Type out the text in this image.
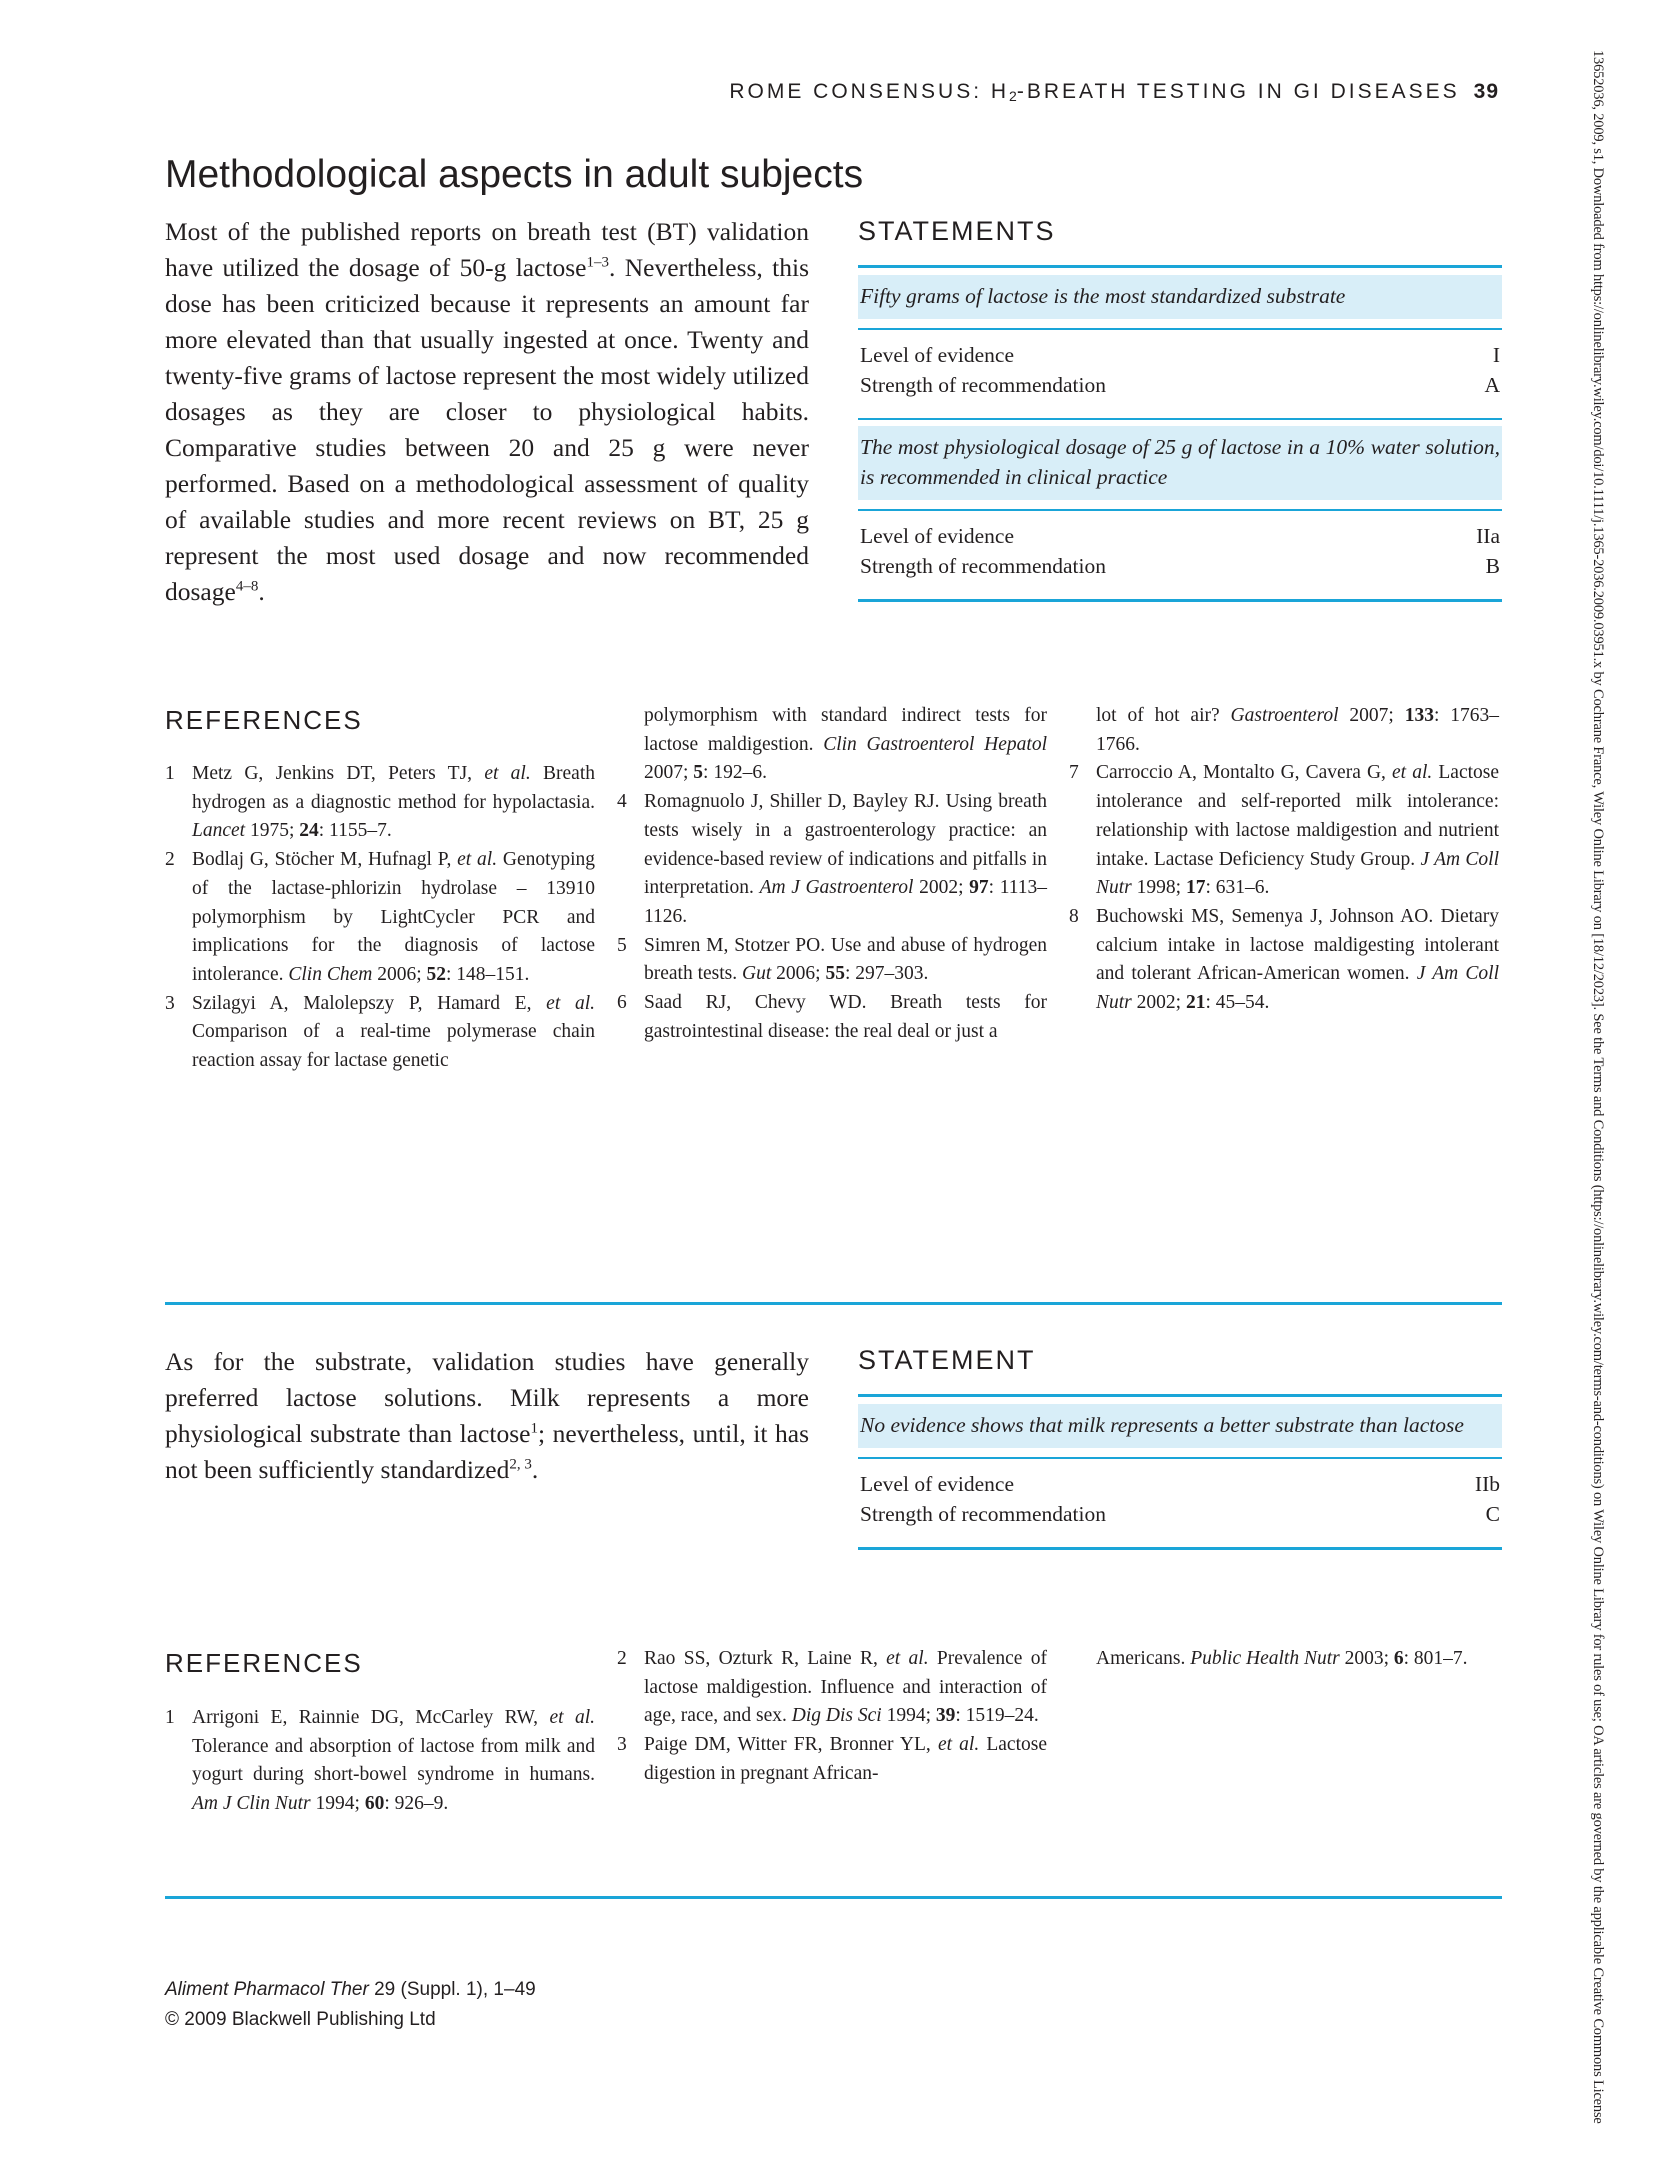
ROME CONSENSUS: $H_2$-BREATH TESTING IN GI DISEASES 39	13652036, 2009, s1, Downloaded from https://onlinelibrary.wiley.com/doi/10.1111/j.1365-2036.2009.03951.x by Cochrane France, Wiley Online Library on [18/12/2023]. See the Terms and Conditions (https://onlinelibrary.wiley.com/terms-and-conditions) on Wiley Online Library for rules of use; OA articles are governed by the applicable Creative Commons License
Methodological aspects in adult subjects
Most of the published reports on breath test (BT) validation have utilized the dosage of 50-g lactose$^{1-3}$. Nevertheless, this dose has been criticized because it represents an amount far more elevated than that usually ingested at once. Twenty and twenty-five grams of lactose represent the most widely utilized dosages as they are closer to physiological habits. Comparative studies between 20 and 25 g were never performed. Based on a methodological assessment of quality of available studies and more recent reviews on BT, 25 g represent the most used dosage and now recommended dosage$^{4-8}$.
STATEMENTS
Fifty grams of lactose is the most standardized substrate
Level of evidence	I
Strength of recommendation	A
The most physiological dosage of 25 g of lactose in a 10% water solution, is recommended in clinical practice
Level of evidence	IIa
Strength of recommendation	B
REFERENCES
1 Metz G, Jenkins DT, Peters TJ, et al. Breath hydrogen as a diagnostic method for hypolactasia. Lancet 1975; 24: 1155–7.
2 Bodlaj G, Stöcher M, Hufnagl P, et al. Genotyping of the lactase-phlorizin hydrolase – 13910 polymorphism by LightCycler PCR and implications for the diagnosis of lactose intolerance. Clin Chem 2006; 52: 148–151.
3 Szilagyi A, Malolepszy P, Hamard E, et al. Comparison of a real-time polymerase chain reaction assay for lactase genetic
polymorphism with standard indirect tests for lactose maldigestion. Clin Gastroenterol Hepatol 2007; 5: 192–6.
4 Romagnuolo J, Shiller D, Bayley RJ. Using breath tests wisely in a gastroenterology practice: an evidence-based review of indications and pitfalls in interpretation. Am J Gastroenterol 2002; 97: 1113–1126.
5 Simren M, Stotzer PO. Use and abuse of hydrogen breath tests. Gut 2006; 55: 297–303.
6 Saad RJ, Chevy WD. Breath tests for gastrointestinal disease: the real deal or just a
lot of hot air? Gastroenterol 2007; 133: 1763–1766.
7 Carroccio A, Montalto G, Cavera G, et al. Lactose intolerance and self-reported milk intolerance: relationship with lactose maldigestion and nutrient intake. Lactase Deficiency Study Group. J Am Coll Nutr 1998; 17: 631–6.
8 Buchowski MS, Semenya J, Johnson AO. Dietary calcium intake in lactose maldigesting intolerant and tolerant African-American women. J Am Coll Nutr 2002; 21: 45–54.
As for the substrate, validation studies have generally preferred lactose solutions. Milk represents a more physiological substrate than lactose$^1$; nevertheless, until, it has not been sufficiently standardized$^{2, 3}$.
STATEMENT
No evidence shows that milk represents a better substrate than lactose
Level of evidence	IIb
Strength of recommendation	C
REFERENCES
1 Arrigoni E, Rainnie DG, McCarley RW, et al. Tolerance and absorption of lactose from milk and yogurt during short-bowel syndrome in humans. Am J Clin Nutr 1994; 60: 926–9.
2 Rao SS, Ozturk R, Laine R, et al. Prevalence of lactose maldigestion. Influence and interaction of age, race, and sex. Dig Dis Sci 1994; 39: 1519–24.
3 Paige DM, Witter FR, Bronner YL, et al. Lactose digestion in pregnant African-
Americans. Public Health Nutr 2003; 6: 801–7.
Aliment Pharmacol Ther 29 (Suppl. 1), 1–49
© 2009 Blackwell Publishing Ltd
